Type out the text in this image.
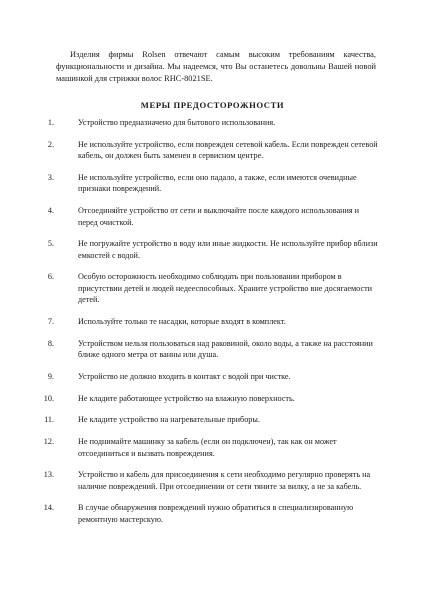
Изделия фирмы Rolsen отвечают самым высоким требованиям качества, функциональности и дизайна. Мы надеемся, что Вы останетесь довольны Вашей новой машинкой для стрижки волос RHC-8021SE.

МЕРЫ ПРЕДОСТОРОЖНОСТИ
1.	Устройство предназначено для бытового использования.
2.	Не используйте устройство, если поврежден сетевой кабель. Если поврежден сетевой кабель, он должен быть заменен в сервисном центре.
3.	Не используйте устройство, если оно падало, а также, если имеются очевидные признаки повреждений.
4.	Отсоединяйте устройство от сети и выключайте после каждого использования и перед очисткой.
5.	Не погружайте устройство в воду или иные жидкости. Не используйте прибор вблизи емкостей с водой.
6.	Особую осторожность необходимо соблюдать при пользовании прибором в присутствии детей и людей недееспособных. Храните устройство вне досягаемости детей.
7.	Используйте только те насадки, которые входят в комплект.
8.	Устройством нельзя пользоваться над раковиной, около воды, а также на расстоянии ближе одного метра от ванны или душа.
9.	Устройство не должно входить в контакт с водой при чистке.
10.	Не кладите работающее устройство на влажную поверхность.
11.	Не кладите устройство на нагревательные приборы.
12.	Не поднимайте машинку за кабель (если он подключен), так как он может отсоединиться и вызвать повреждения.
13.	Устройство и кабель для присоединения к сети необходимо регулярно проверять на наличие повреждений. При отсоединении от сети тяните за вилку, а не за кабель.
14.	В случае обнаружения повреждений нужно обратиться в специализированную ремонтную мастерскую.
